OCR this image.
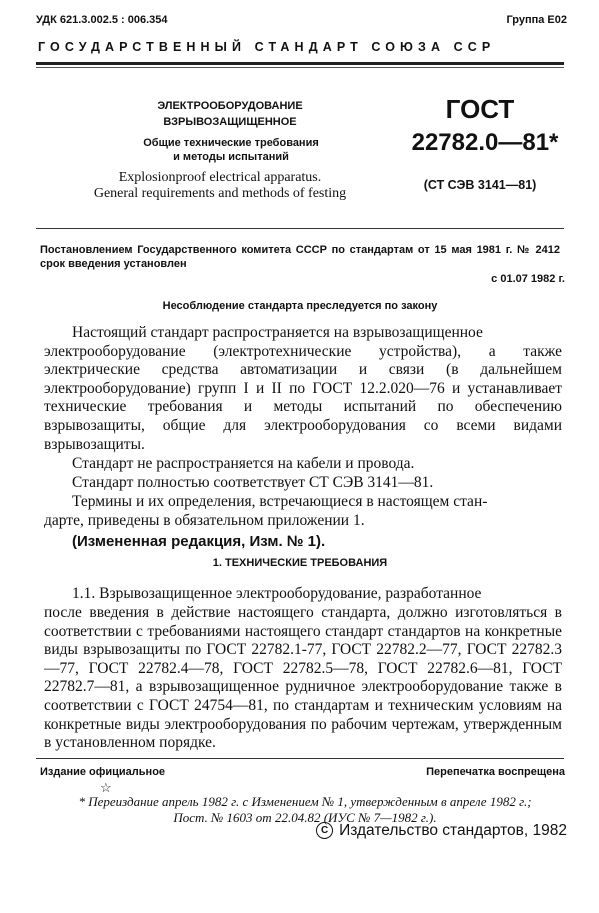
УДК 621.3.002.5 : 006.354	Группа Е02
ГОСУДАРСТВЕННЫЙ СТАНДАРТ СОЮЗА ССР
ЭЛЕКТРООБОРУДОВАНИЕ
ВЗРЫВОЗАЩИЩЕННОЕ
Общие технические требования
и методы испытаний
Explosionproof electrical apparatus.
General requirements and methods of festing
ГОСТ
22782.0—81*
(СТ СЭВ 3141—81)
Постановлением Государственного комитета СССР по стандартам от 15 мая 1981 г. № 2412 срок введения установлен
с 01.07 1982 г.
Несоблюдение стандарта преследуется по закону
Настоящий стандарт распространяется на взрывозащищенное
электрооборудование (электротехнические устройства), а также электрические средства автоматизации и связи (в дальнейшем электрооборудование) групп I и II по ГОСТ 12.2.020—76 и устанавливает технические требования и методы испытаний по обеспечению взрывозащиты, общие для электрооборудования со всеми видами взрывозащиты.
Стандарт не распространяется на кабели и провода.
Стандарт полностью соответствует СТ СЭВ 3141—81.
Термины и их определения, встречающиеся в настоящем стан-
дарте, приведены в обязательном приложении 1.
(Измененная редакция, Изм. № 1).
1. ТЕХНИЧЕСКИЕ ТРЕБОВАНИЯ
1.1. Взрывозащищенное электрооборудование, разработанное
после введения в действие настоящего стандарта, должно изготовляться в соответствии с требованиями настоящего стандарт стандартов на конкретные виды взрывозащиты по ГОСТ 22782.1-77, ГОСТ 22782.2—77, ГОСТ 22782.3—77, ГОСТ 22782.4—78, ГОСТ 22782.5—78, ГОСТ 22782.6—81, ГОСТ 22782.7—81, а взрывозащищенное рудничное электрооборудование также в соответствии с ГОСТ 24754—81, по стандартам и техническим условиям на конкретные виды электрооборудования по рабочим чертежам, утвержденным в установленном порядке.
Издание официальное	Перепечатка воспрещена
☆
* Переиздание апрель 1982 г. с Изменением № 1, утвержденным в апреле 1982 г.;
Пост. № 1603 от 22.04.82 (ИУС № 7—1982 г.).
C Издательство стандартов, 1982
